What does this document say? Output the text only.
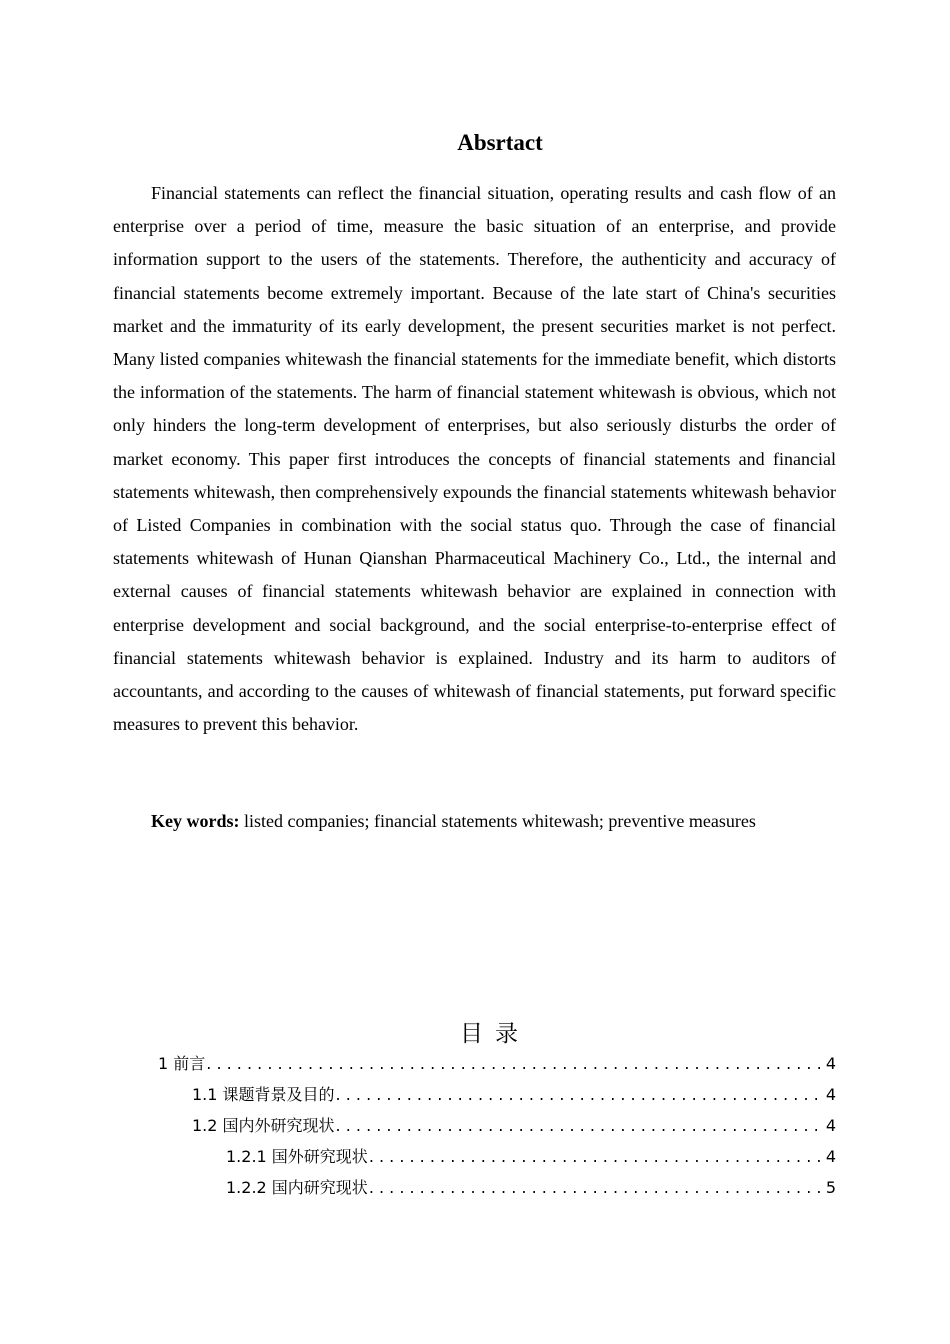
Absrtact

Financial statements can reflect the financial situation, operating results and cash flow of an enterprise over a period of time, measure the basic situation of an enterprise, and provide information support to the users of the statements. Therefore, the authenticity and accuracy of financial statements become extremely important. Because of the late start of China's securities market and the immaturity of its early development, the present securities market is not perfect. Many listed companies whitewash the financial statements for the immediate benefit, which distorts the information of the statements. The harm of financial statement whitewash is obvious, which not only hinders the long-term development of enterprises, but also seriously disturbs the order of market economy. This paper first introduces the concepts of financial statements and financial statements whitewash, then comprehensively expounds the financial statements whitewash behavior of Listed Companies in combination with the social status quo. Through the case of financial statements whitewash of Hunan Qianshan Pharmaceutical Machinery Co., Ltd., the internal and external causes of financial statements whitewash behavior are explained in connection with enterprise development and social background, and the social enterprise-to-enterprise effect of financial statements whitewash behavior is explained. Industry and its harm to auditors of accountants, and according to the causes of whitewash of financial statements, put forward specific measures to prevent this behavior.

Key words: listed companies; financial statements whitewash; preventive measures

目录
1 前言 . . .	4
1.1 课题背景及目的 . . .	4
1.2 国内外研究现状 . . .	4
1.2.1 国外研究现状 . . .	4
1.2.2 国内研究现状 . . .	5
